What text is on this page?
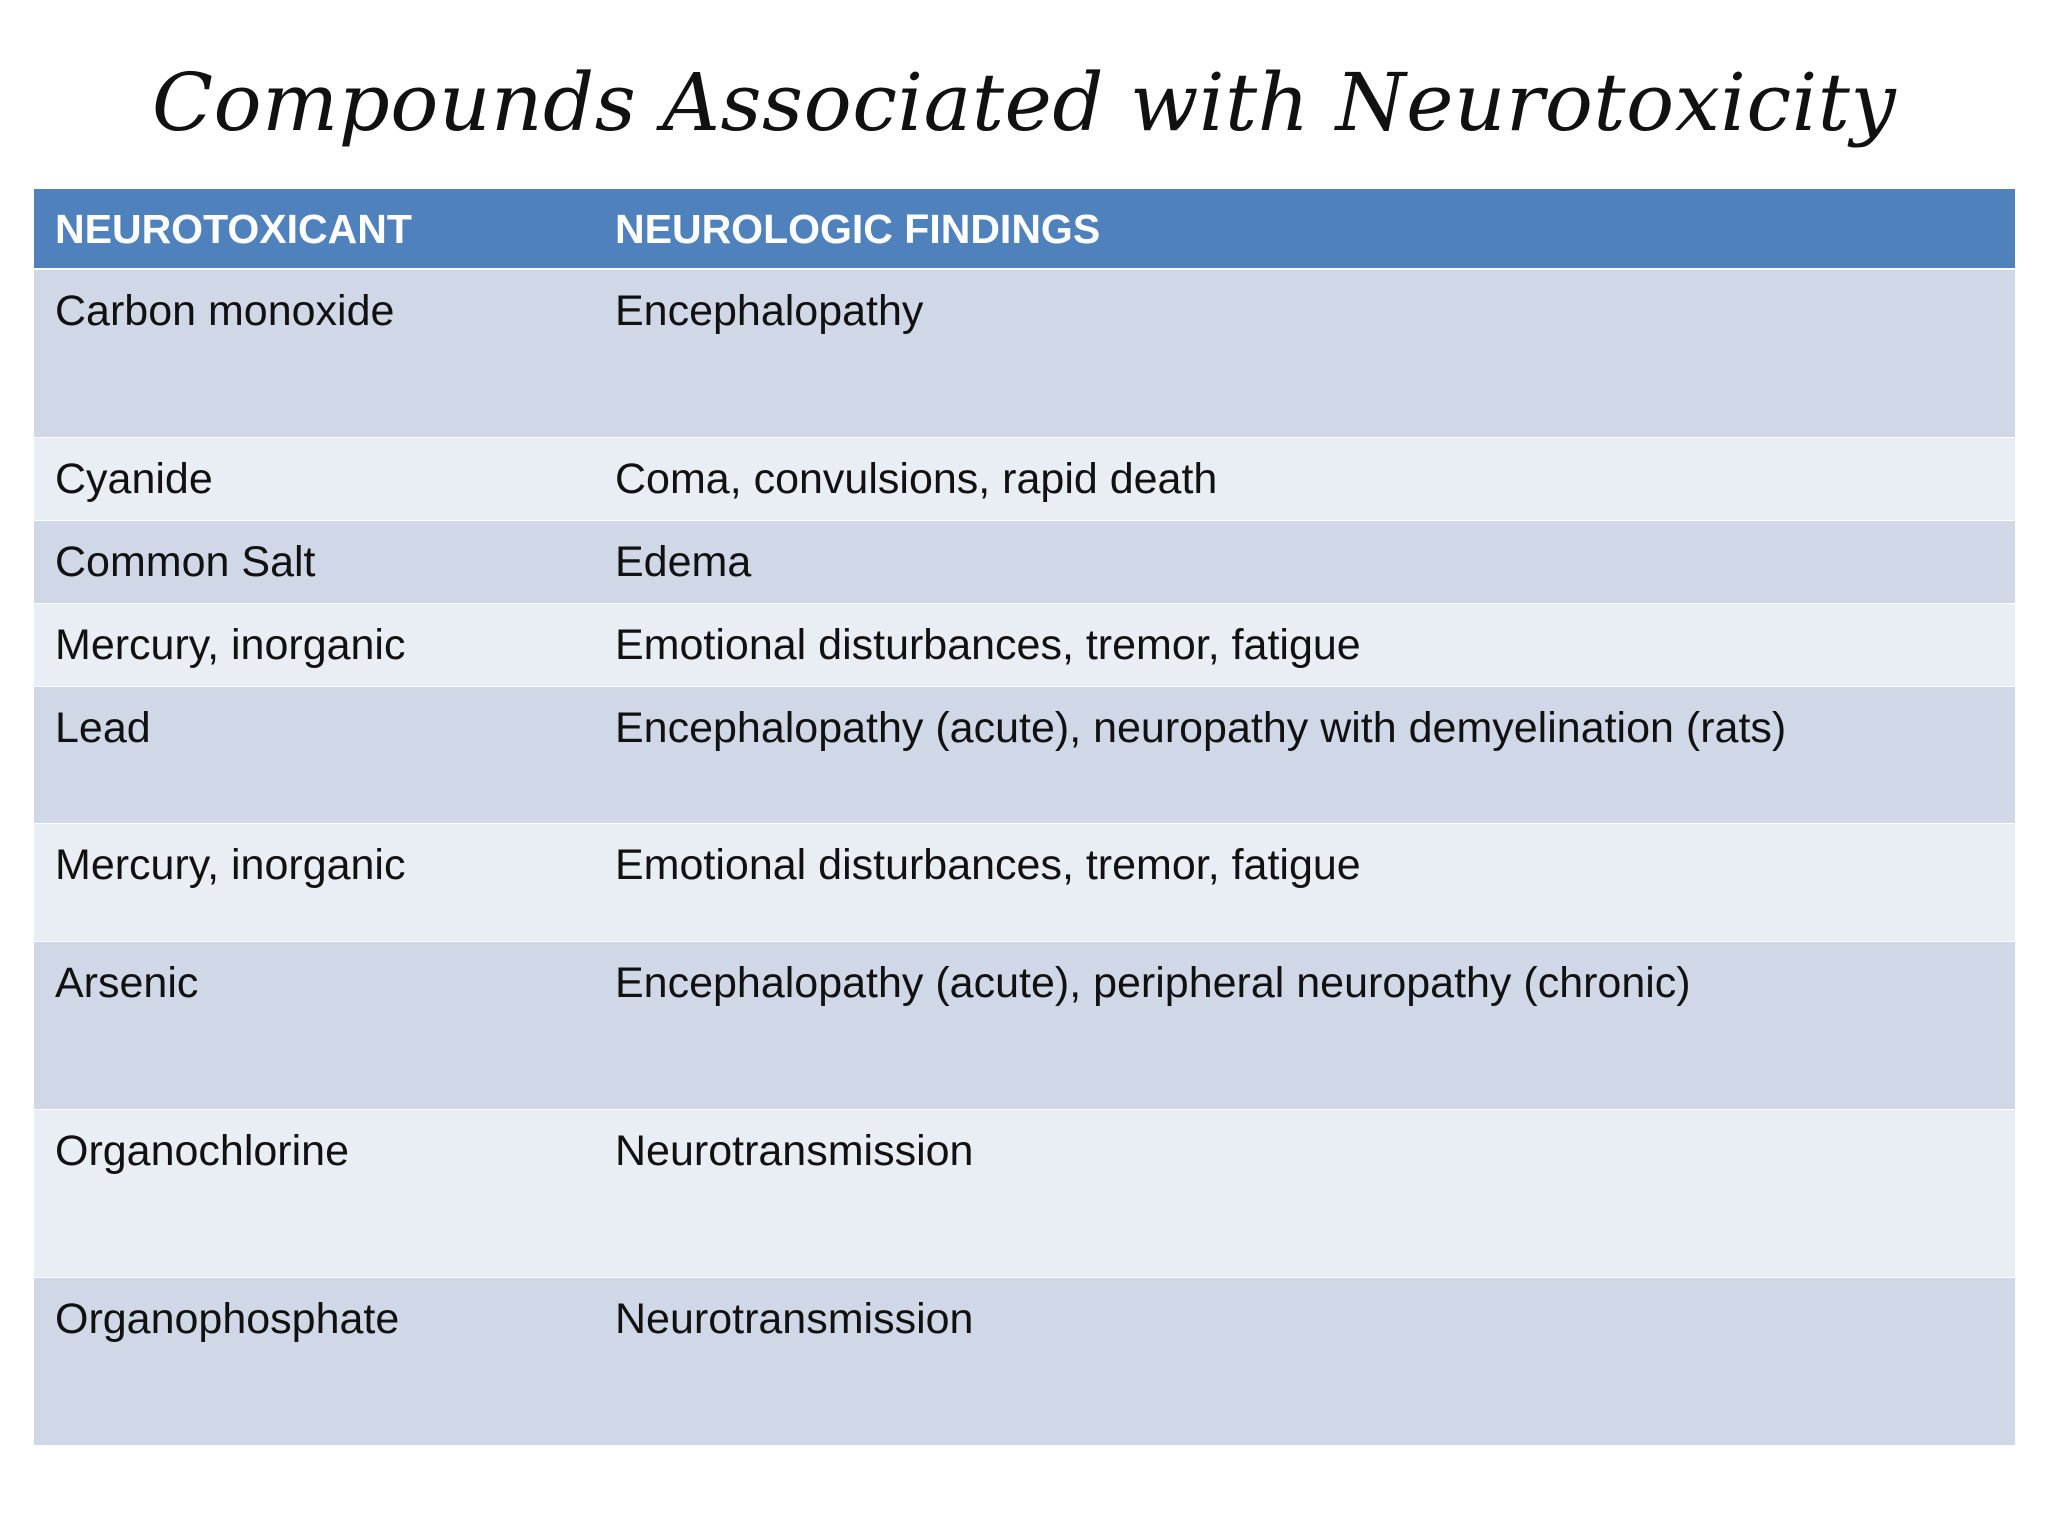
Compounds Associated with Neurotoxicity
NEUROTOXICANT	NEUROLOGIC FINDINGS
Carbon monoxide	Encephalopathy
Cyanide	Coma, convulsions, rapid death
Common Salt	Edema
Mercury, inorganic	Emotional disturbances, tremor, fatigue
Lead	Encephalopathy (acute), neuropathy with demyelination (rats)
Mercury, inorganic	Emotional disturbances, tremor, fatigue
Arsenic	Encephalopathy (acute), peripheral neuropathy (chronic)
Organochlorine	Neurotransmission
Organophosphate	Neurotransmission
